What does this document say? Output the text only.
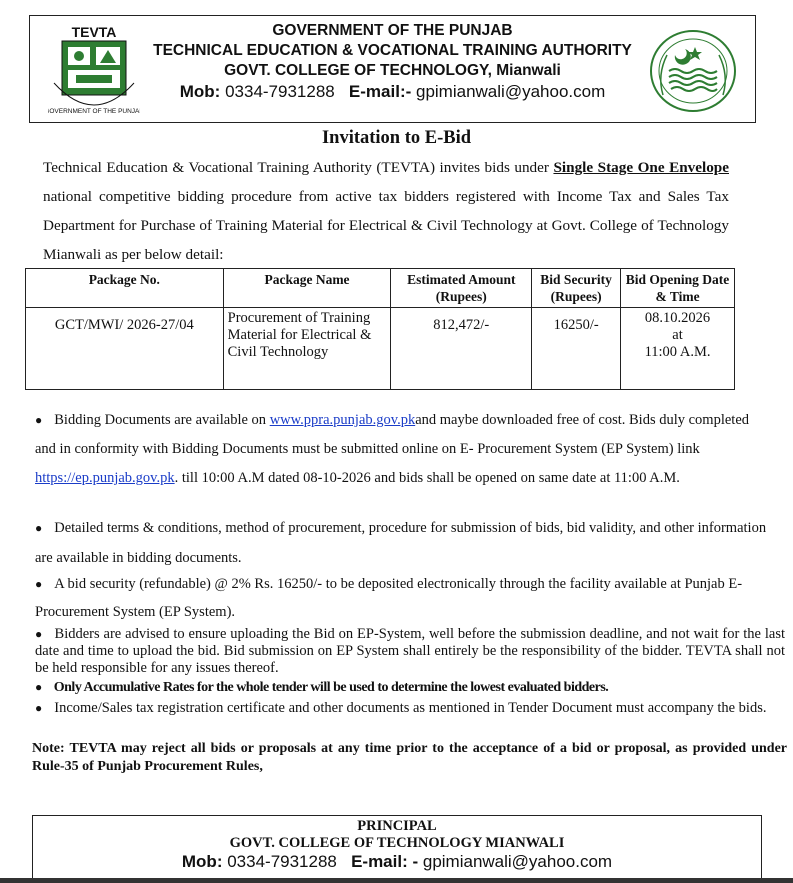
TEVTA
GOVERNMENT OF THE PUNJAB
GOVERNMENT OF THE PUNJAB
TECHNICAL EDUCATION & VOCATIONAL TRAINING AUTHORITY
GOVT. COLLEGE OF TECHNOLOGY, Mianwali
Mob: 0334-7931288 E-mail:- gpimianwali@yahoo.com
Invitation to E-Bid
Technical Education & Vocational Training Authority (TEVTA) invites bids under Single Stage One Envelope national competitive bidding procedure from active tax bidders registered with Income Tax and Sales Tax Department for Purchase of Training Material for Electrical & Civil Technology at Govt. College of Technology Mianwali as per below detail:
Package No.	Package Name	Estimated Amount (Rupees)	Bid Security (Rupees)	Bid Opening Date & Time
GCT/MWI/ 2026-27/04	Procurement of Training Material for Electrical & Civil Technology	812,472/-	16250/-	08.10.2026
at
11:00 A.M.
● Bidding Documents are available on www.ppra.punjab.gov.pkand maybe downloaded free of cost. Bids duly completed and in conformity with Bidding Documents must be submitted online on E- Procurement System (EP System) link https://ep.punjab.gov.pk. till 10:00 A.M dated 08-10-2026 and bids shall be opened on same date at 11:00 A.M.
● Detailed terms & conditions, method of procurement, procedure for submission of bids, bid validity, and other information are available in bidding documents.
● A bid security (refundable) @ 2% Rs. 16250/- to be deposited electronically through the facility available at Punjab E-Procurement System (EP System).
● Bidders are advised to ensure uploading the Bid on EP-System, well before the submission deadline, and not wait for the last date and time to upload the bid. Bid submission on EP System shall entirely be the responsibility of the bidder. TEVTA shall not be held responsible for any issues thereof.
● Only Accumulative Rates for the whole tender will be used to determine the lowest evaluated bidders.
● Income/Sales tax registration certificate and other documents as mentioned in Tender Document must accompany the bids.
Note: TEVTA may reject all bids or proposals at any time prior to the acceptance of a bid or proposal, as provided under Rule-35 of Punjab Procurement Rules,
PRINCIPAL
GOVT. COLLEGE OF TECHNOLOGY MIANWALI
Mob: 0334-7931288 E-mail: - gpimianwali@yahoo.com
